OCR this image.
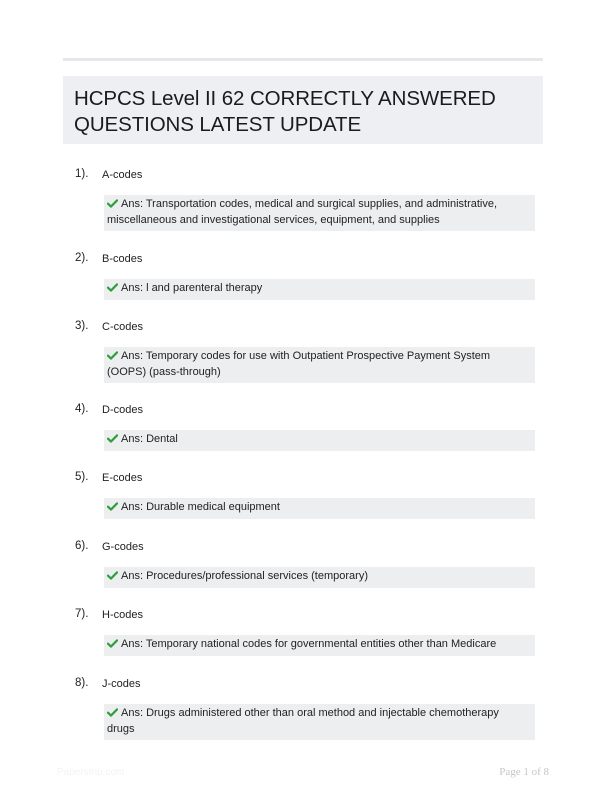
HCPCS Level II 62 CORRECTLY ANSWERED QUESTIONS LATEST UPDATE
1). A-codes
Ans: Transportation codes, medical and surgical supplies, and administrative, miscellaneous and investigational services, equipment, and supplies
2). B-codes
Ans: l and parenteral therapy
3). C-codes
Ans: Temporary codes for use with Outpatient Prospective Payment System (OOPS) (pass-through)
4). D-codes
Ans: Dental
5). E-codes
Ans: Durable medical equipment
6). G-codes
Ans: Procedures/professional services (temporary)
7). H-codes
Ans: Temporary national codes for governmental entities other than Medicare
8). J-codes
Ans: Drugs administered other than oral method and injectable chemotherapy drugs
Paperstrip.com	Page 1 of 8
